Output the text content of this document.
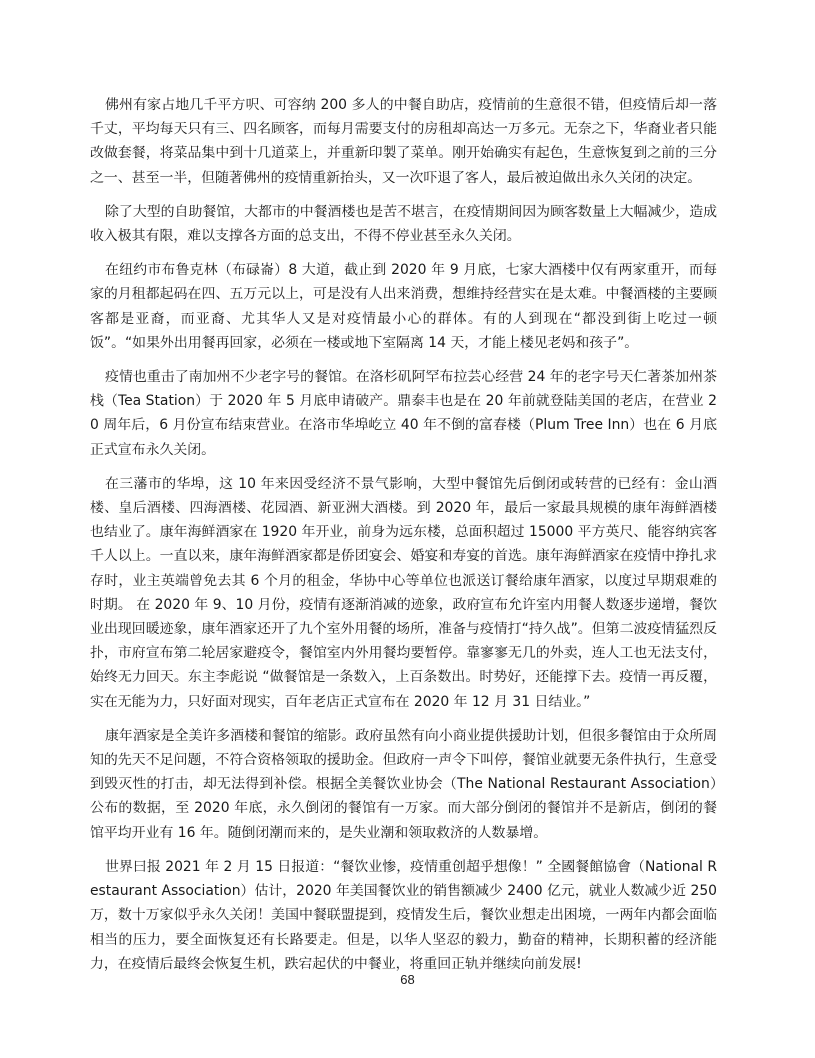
佛州有家占地几千平方呎、可容纳 200 多人的中餐自助店，疫情前的生意很不错，但疫情后却一落千丈，平均每天只有三、四名顾客，而每月需要支付的房租却高达一万多元。无奈之下，华裔业者只能改做套餐，将菜品集中到十几道菜上，并重新印製了菜单。刚开始确实有起色，生意恢复到之前的三分之一、甚至一半，但随著佛州的疫情重新抬头，又一次吓退了客人，最后被迫做出永久关闭的决定。

除了大型的自助餐馆，大都市的中餐酒楼也是苦不堪言，在疫情期间因为顾客数量上大幅减少，造成收入极其有限，难以支撑各方面的总支出，不得不停业甚至永久关闭。

在纽约市布鲁克林（布碌崙）8 大道，截止到 2020 年 9 月底，七家大酒楼中仅有两家重开，而每家的月租都起码在四、五万元以上，可是没有人出来消费，想维持经营实在是太难。中餐酒楼的主要顾客都是亚裔，而亚裔、尤其华人又是对疫情最小心的群体。有的人到现在“都没到街上吃过一顿饭”。“如果外出用餐再回家，必须在一楼或地下室隔离 14 天，才能上楼见老妈和孩子”。

疫情也重击了南加州不少老字号的餐馆。在洛杉矶阿罕布拉芸心经营 24 年的老字号天仁著茶加州茶栈（Tea Station）于 2020 年 5 月底申请破产。鼎泰丰也是在 20 年前就登陆美国的老店，在营业 20 周年后，6 月份宣布结束营业。在洛市华埠屹立 40 年不倒的富春楼（Plum Tree Inn）也在 6 月底正式宣布永久关闭。

在三藩市的华埠，这 10 年来因受经济不景气影响，大型中餐馆先后倒闭或转营的已经有：金山酒楼、皇后酒楼、四海酒楼、花园酒、新亚洲大酒楼。到 2020 年，最后一家最具规模的康年海鲜酒楼也结业了。康年海鲜酒家在 1920 年开业，前身为远东楼，总面积超过 15000 平方英尺、能容纳宾客千人以上。一直以来，康年海鲜酒家都是侨团宴会、婚宴和寿宴的首选。康年海鲜酒家在疫情中挣扎求存时，业主英端曾免去其 6 个月的租金，华协中心等单位也派送订餐给康年酒家，以度过早期艰难的时期。 在 2020 年 9、10 月份，疫情有逐渐消减的迹象，政府宣布允许室内用餐人数逐步递增，餐饮业出现回暖迹象，康年酒家还开了九个室外用餐的场所，准备与疫情打“持久战”。但第二波疫情猛烈反扑，市府宣布第二轮居家避疫令，餐馆室内外用餐均要暂停。靠寥寥无几的外卖，连人工也无法支付，始终无力回天。东主李彪说 “做餐馆是一条数入，上百条数出。时势好，还能撑下去。疫情一再反覆，实在无能为力，只好面对现实，百年老店正式宣布在 2020 年 12 月 31 日结业。”

康年酒家是全美许多酒楼和餐馆的缩影。政府虽然有向小商业提供援助计划，但很多餐馆由于众所周知的先天不足问题，不符合资格领取的援助金。但政府一声令下叫停，餐馆业就要无条件执行，生意受到毁灭性的打击，却无法得到补偿。根据全美餐饮业协会（The National Restaurant Association）公布的数据，至 2020 年底，永久倒闭的餐馆有一万家。而大部分倒闭的餐馆并不是新店，倒闭的餐馆平均开业有 16 年。随倒闭潮而来的，是失业潮和领取救济的人数暴增。

世界曰报 2021 年 2 月 15 日报道：“餐饮业惨，疫情重创超乎想像！” 全國餐館協會（National Restaurant Association）估计，2020 年美国餐饮业的销售额减少 2400 亿元，就业人数减少近 250 万，数十万家似乎永久关闭！美国中餐联盟提到，疫情发生后，餐饮业想走出困境，一两年内都会面临相当的压力，要全面恢复还有长路要走。但是，以华人坚忍的毅力，勤奋的精神，长期积蓄的经济能力，在疫情后最终会恢复生机，跌宕起伏的中餐业，将重回正轨并继续向前发展!

68
